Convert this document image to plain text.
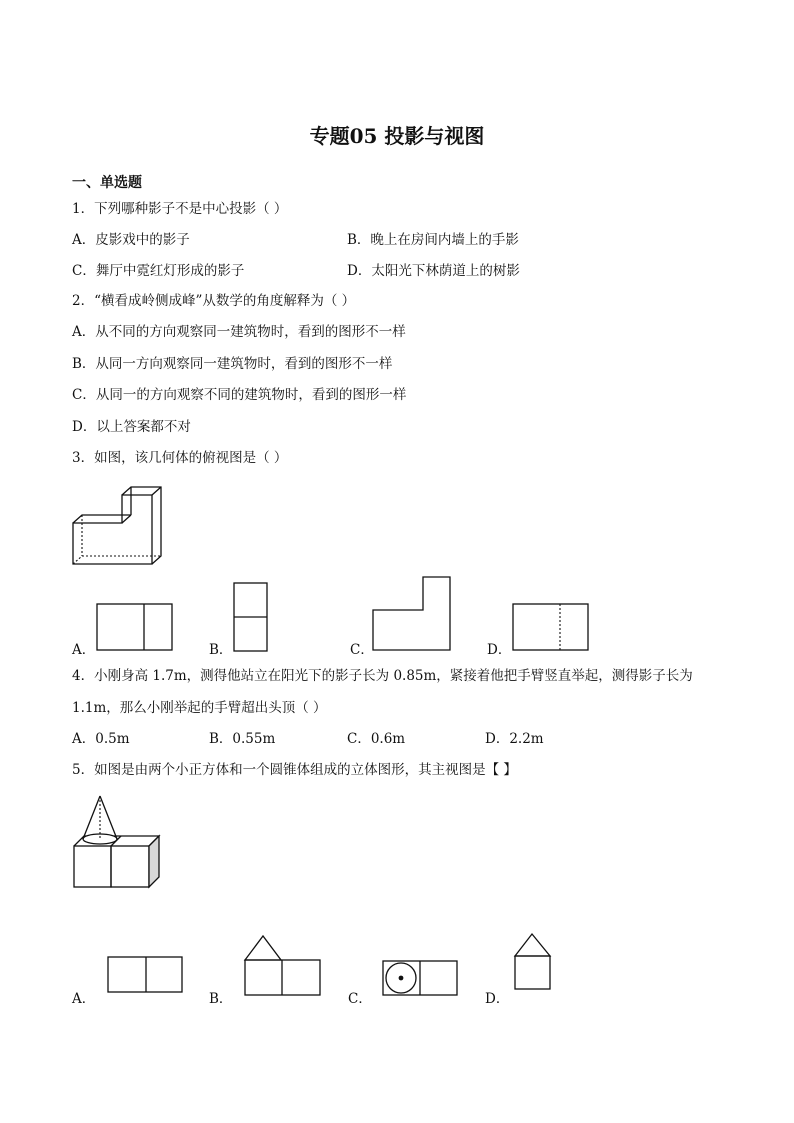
专题05 投影与视图
一、单选题
1．下列哪种影子不是中心投影（ ）
A．皮影戏中的影子	B．晚上在房间内墙上的手影
C．舞厅中霓红灯形成的影子	D．太阳光下林荫道上的树影
2．“横看成岭侧成峰”从数学的角度解释为（ ）
A．从不同的方向观察同一建筑物时，看到的图形不一样
B．从同一方向观察同一建筑物时，看到的图形不一样
C．从同一的方向观察不同的建筑物时，看到的图形一样
D．以上答案都不对
3．如图，该几何体的俯视图是（ ）
A．	B．	C．	D．
4．小刚身高 1.7m，测得他站立在阳光下的影子长为 0.85m，紧接着他把手臂竖直举起，测得影子长为
1.1m，那么小刚举起的手臂超出头顶（ ）
A．0.5m	B．0.55m	C．0.6m	D．2.2m
5．如图是由两个小正方体和一个圆锥体组成的立体图形，其主视图是【 】
A．	B．	C．	D．
